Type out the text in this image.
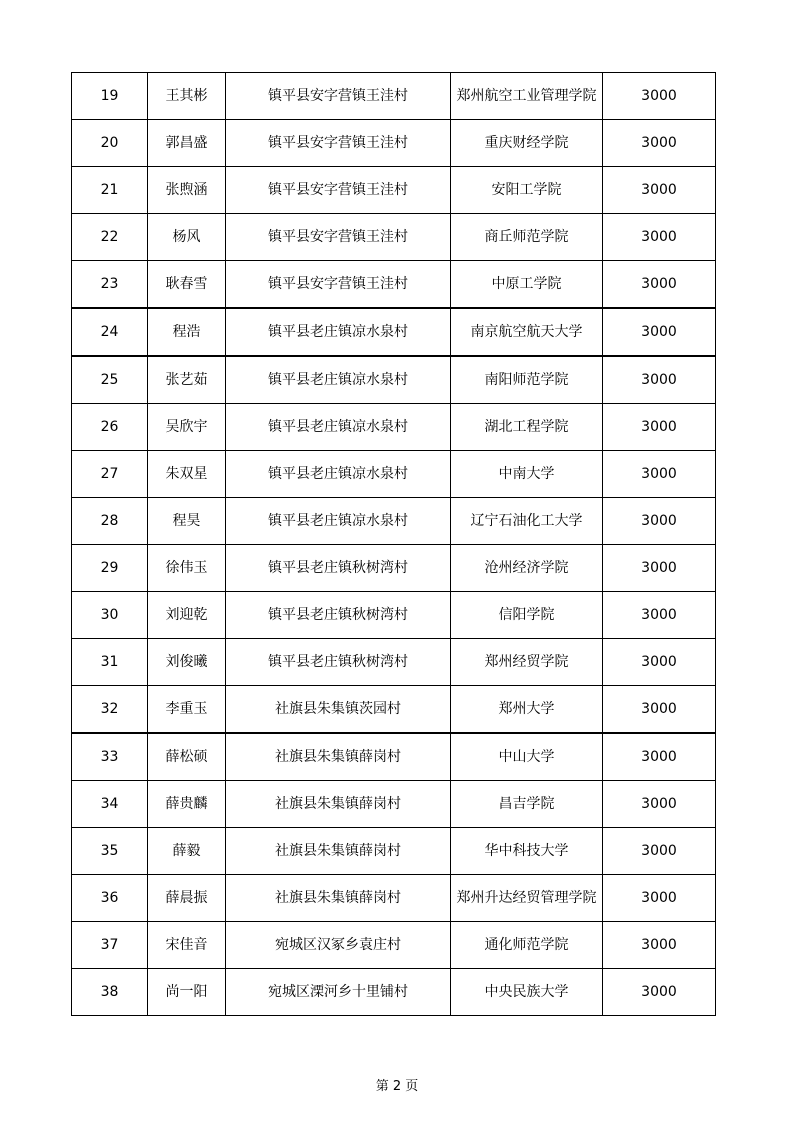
19	王其彬	镇平县安字营镇王洼村	郑州航空工业管理学院	3000
20	郭昌盛	镇平县安字营镇王洼村	重庆财经学院	3000
21	张煦涵	镇平县安字营镇王洼村	安阳工学院	3000
22	杨风	镇平县安字营镇王洼村	商丘师范学院	3000
23	耿春雪	镇平县安字营镇王洼村	中原工学院	3000
24	程浩	镇平县老庄镇凉水泉村	南京航空航天大学	3000
25	张艺茹	镇平县老庄镇凉水泉村	南阳师范学院	3000
26	吴欣宇	镇平县老庄镇凉水泉村	湖北工程学院	3000
27	朱双星	镇平县老庄镇凉水泉村	中南大学	3000
28	程昊	镇平县老庄镇凉水泉村	辽宁石油化工大学	3000
29	徐伟玉	镇平县老庄镇秋树湾村	沧州经济学院	3000
30	刘迎乾	镇平县老庄镇秋树湾村	信阳学院	3000
31	刘俊曦	镇平县老庄镇秋树湾村	郑州经贸学院	3000
32	李重玉	社旗县朱集镇茨园村	郑州大学	3000
33	薛松硕	社旗县朱集镇薛岗村	中山大学	3000
34	薛贵麟	社旗县朱集镇薛岗村	昌吉学院	3000
35	薛毅	社旗县朱集镇薛岗村	华中科技大学	3000
36	薛晨振	社旗县朱集镇薛岗村	郑州升达经贸管理学院	3000
37	宋佳音	宛城区汉冢乡袁庄村	通化师范学院	3000
38	尚一阳	宛城区溧河乡十里铺村	中央民族大学	3000
第 2 页
